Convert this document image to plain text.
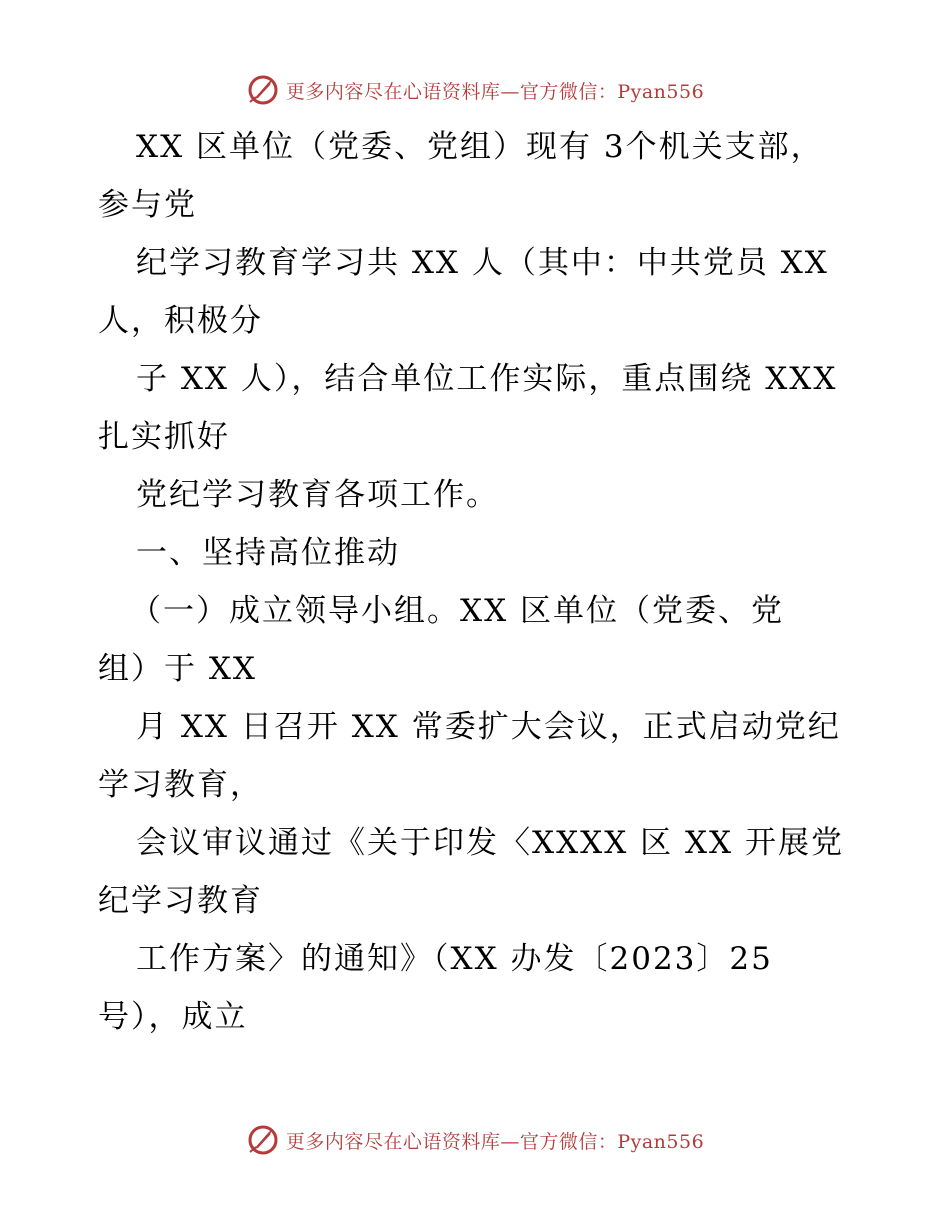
更多内容尽在心语资料库—官方微信：Pyan556
XX 区单位（党委、党组）现有 3个机关支部，
参与党
纪学习教育学习共 XX 人（其中：中共党员 XX
人，积极分
子 XX 人），结合单位工作实际，重点围绕 XXX
扎实抓好
党纪学习教育各项工作。
一、坚持高位推动
（一）成立领导小组。XX 区单位（党委、党
组）于 XX
月 XX 日召开 XX 常委扩大会议，正式启动党纪
学习教育，
会议审议通过《关于印发〈XXXX 区 XX 开展党
纪学习教育
工作方案〉的通知》（XX 办发〔2023〕25
号），成立
更多内容尽在心语资料库—官方微信：Pyan556
